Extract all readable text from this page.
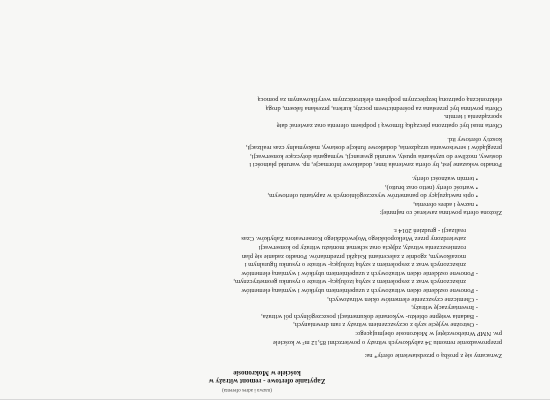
(nazwa i adres oferenta)

Zapytanie ofertowe - remont witraży w

kościele w Mokronosie

Zwracamy się z prośbą o przedstawienie oferty* na:

przeprowadzenie remontu 34 zabytkowych witraży o powierzchni 85,12 m² w kościele

pw. NMP Wniebowziętej w Mokronosie obejmującego:

- Ostrożne wyjęcie szyb z oczyszczeniem witraży z ram drewnianych,

- Badania wstępne obiektu- wykonanie dokumentacji poszczególnych pól witraża,

- Inwentaryzację witraży,

- Chemiczne czyszczenie elementów okien witrażowych,

- Ponowne oszklenie okien witrażowych z uzupełnieniem ubytków i wymianą elementów

zniszczonych wraz z zespoleniem z szybą izolującą- witraże o rysunku geometrycznym,

- Ponowne oszklenie okien witrażowych z uzupełnieniem ubytków i wymianą elementów

zniszczonych wraz z zespoleniem z szybą izolującą- witraże o rysunku figuralnym i

mozaikowym, zgodnie z zaleceniami Książki przedmiarów. Ponadto zadanie się plan

rozmieszczenia witraży, zdjęcia oraz schemat montażu witraży po konserwacji

zatwierdzony przez Wielkopolskiego Wojewódzkiego Konserwatora Zabytków. Czas

realizacji - grudzień 2014 r.

Złożona oferta powinna zawierać co najmniej:

• nazwę i adres oferenta,

• opis nawiązujący do parametrów wyszczególnionych w zapytaniu ofertowym,

• wartość oferty (netto oraz brutto),

• termin ważności oferty.

Ponadto wskazane jest, by oferta zawierała inne, dodatkowe informacje, np. warunki płatności i

dostawy, możliwe do uzyskania upusty, warunki gwarancji, wymagania dotyczące konserwacji,

przeglądów i serwisowania urządzenia, dodatkowe funkcje dostawy, maksymalny czas realizacji,

koszt/y ofertowy itd.

Oferta musi być opatrzona pieczątką firmową i podpisem oferenta oraz zawierać datę

sporządzenia i termin.

Oferta powinna być przesłana za pośrednictwem poczty, kuriera, przesłana faksem, drogą

elektroniczną opatrzoną bezpiecznym podpisem elektronicznym weryfikowanym za pomocą
